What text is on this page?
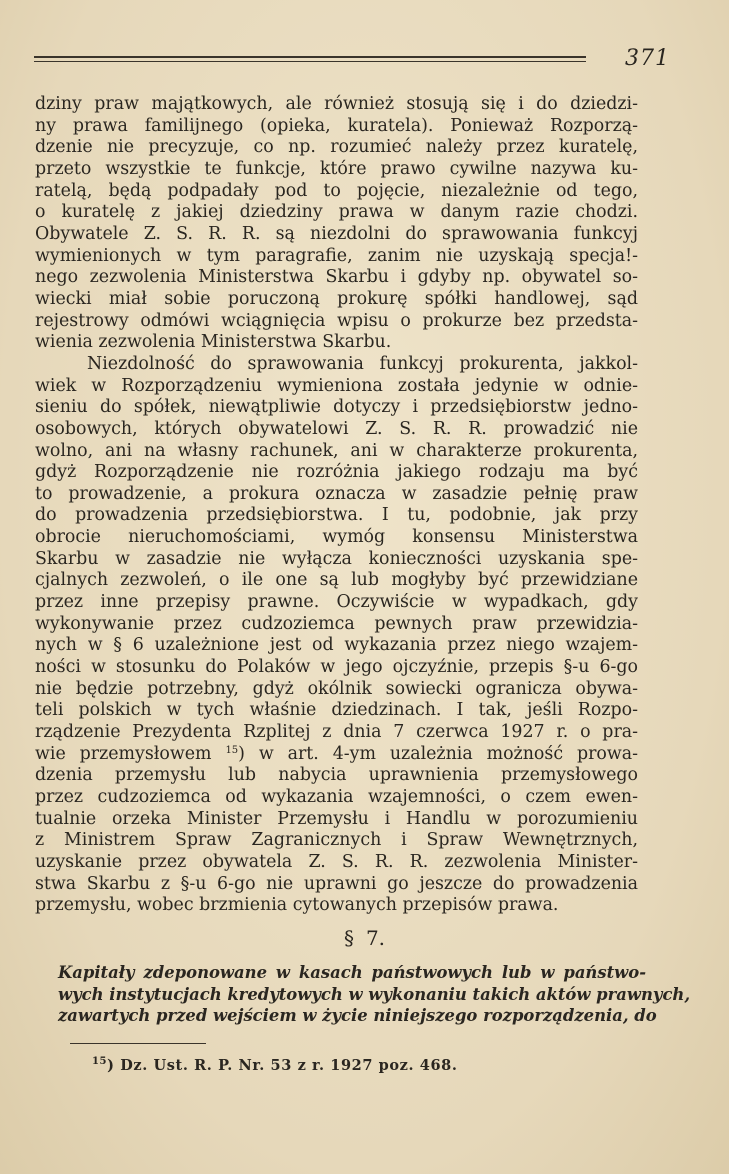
371
dziny praw majątkowych, ale również stosują się i do dziedzi-
ny prawa familijnego (opieka, kuratela). Ponieważ Rozporzą-
dzenie nie precyzuje, co np. rozumieć należy przez kuratelę,
przeto wszystkie te funkcje, które prawo cywilne nazywa ku-
ratelą, będą podpadały pod to pojęcie, niezależnie od tego,
o kuratelę z jakiej dziedziny prawa w danym razie chodzi.
Obywatele Z. S. R. R. są niezdolni do sprawowania funkcyj
wymienionych w tym paragrafie, zanim nie uzyskają specja!-
nego zezwolenia Ministerstwa Skarbu i gdyby np. obywatel so-
wiecki miał sobie poruczoną prokurę spółki handlowej, sąd
rejestrowy odmówi wciągnięcia wpisu o prokurze bez przedsta-
wienia zezwolenia Ministerstwa Skarbu.
Niezdolność do sprawowania funkcyj prokurenta, jakkol-
wiek w Rozporządzeniu wymieniona została jedynie w odnie-
sieniu do spółek, niewątpliwie dotyczy i przedsiębiorstw jedno-
osobowych, których obywatelowi Z. S. R. R. prowadzić nie
wolno, ani na własny rachunek, ani w charakterze prokurenta,
gdyż Rozporządzenie nie rozróżnia jakiego rodzaju ma być
to prowadzenie, a prokura oznacza w zasadzie pełnię praw
do prowadzenia przedsiębiorstwa. I tu, podobnie, jak przy
obrocie nieruchomościami, wymóg konsensu Ministerstwa
Skarbu w zasadzie nie wyłącza konieczności uzyskania spe-
cjalnych zezwoleń, o ile one są lub mogłyby być przewidziane
przez inne przepisy prawne. Oczywiście w wypadkach, gdy
wykonywanie przez cudzoziemca pewnych praw przewidzia-
nych w § 6 uzależnione jest od wykazania przez niego wzajem-
ności w stosunku do Polaków w jego ojczyźnie, przepis §-u 6-go
nie będzie potrzebny, gdyż okólnik sowiecki ogranicza obywa-
teli polskich w tych właśnie dziedzinach. I tak, jeśli Rozpo-
rządzenie Prezydenta Rzplitej z dnia 7 czerwca 1927 r. o pra-
wie przemysłowem $^{15}$) w art. 4-ym uzależnia możność prowa-
dzenia przemysłu lub nabycia uprawnienia przemysłowego
przez cudzoziemca od wykazania wzajemności, o czem ewen-
tualnie orzeka Minister Przemysłu i Handlu w porozumieniu
z Ministrem Spraw Zagranicznych i Spraw Wewnętrznych,
uzyskanie przez obywatela Z. S. R. R. zezwolenia Minister-
stwa Skarbu z §-u 6-go nie uprawni go jeszcze do prowadzenia
przemysłu, wobec brzmienia cytowanych przepisów prawa.
§ 7.
Kapitały zdeponowane w kasach państwowych lub w państwo-
wych instytucjach kredytowych w wykonaniu takich aktów prawnych,
zawartych przed wejściem w życie niniejszego rozporządzenia, do
$^{15}$) Dz. Ust. R. P. Nr. 53 z r. 1927 poz. 468.
